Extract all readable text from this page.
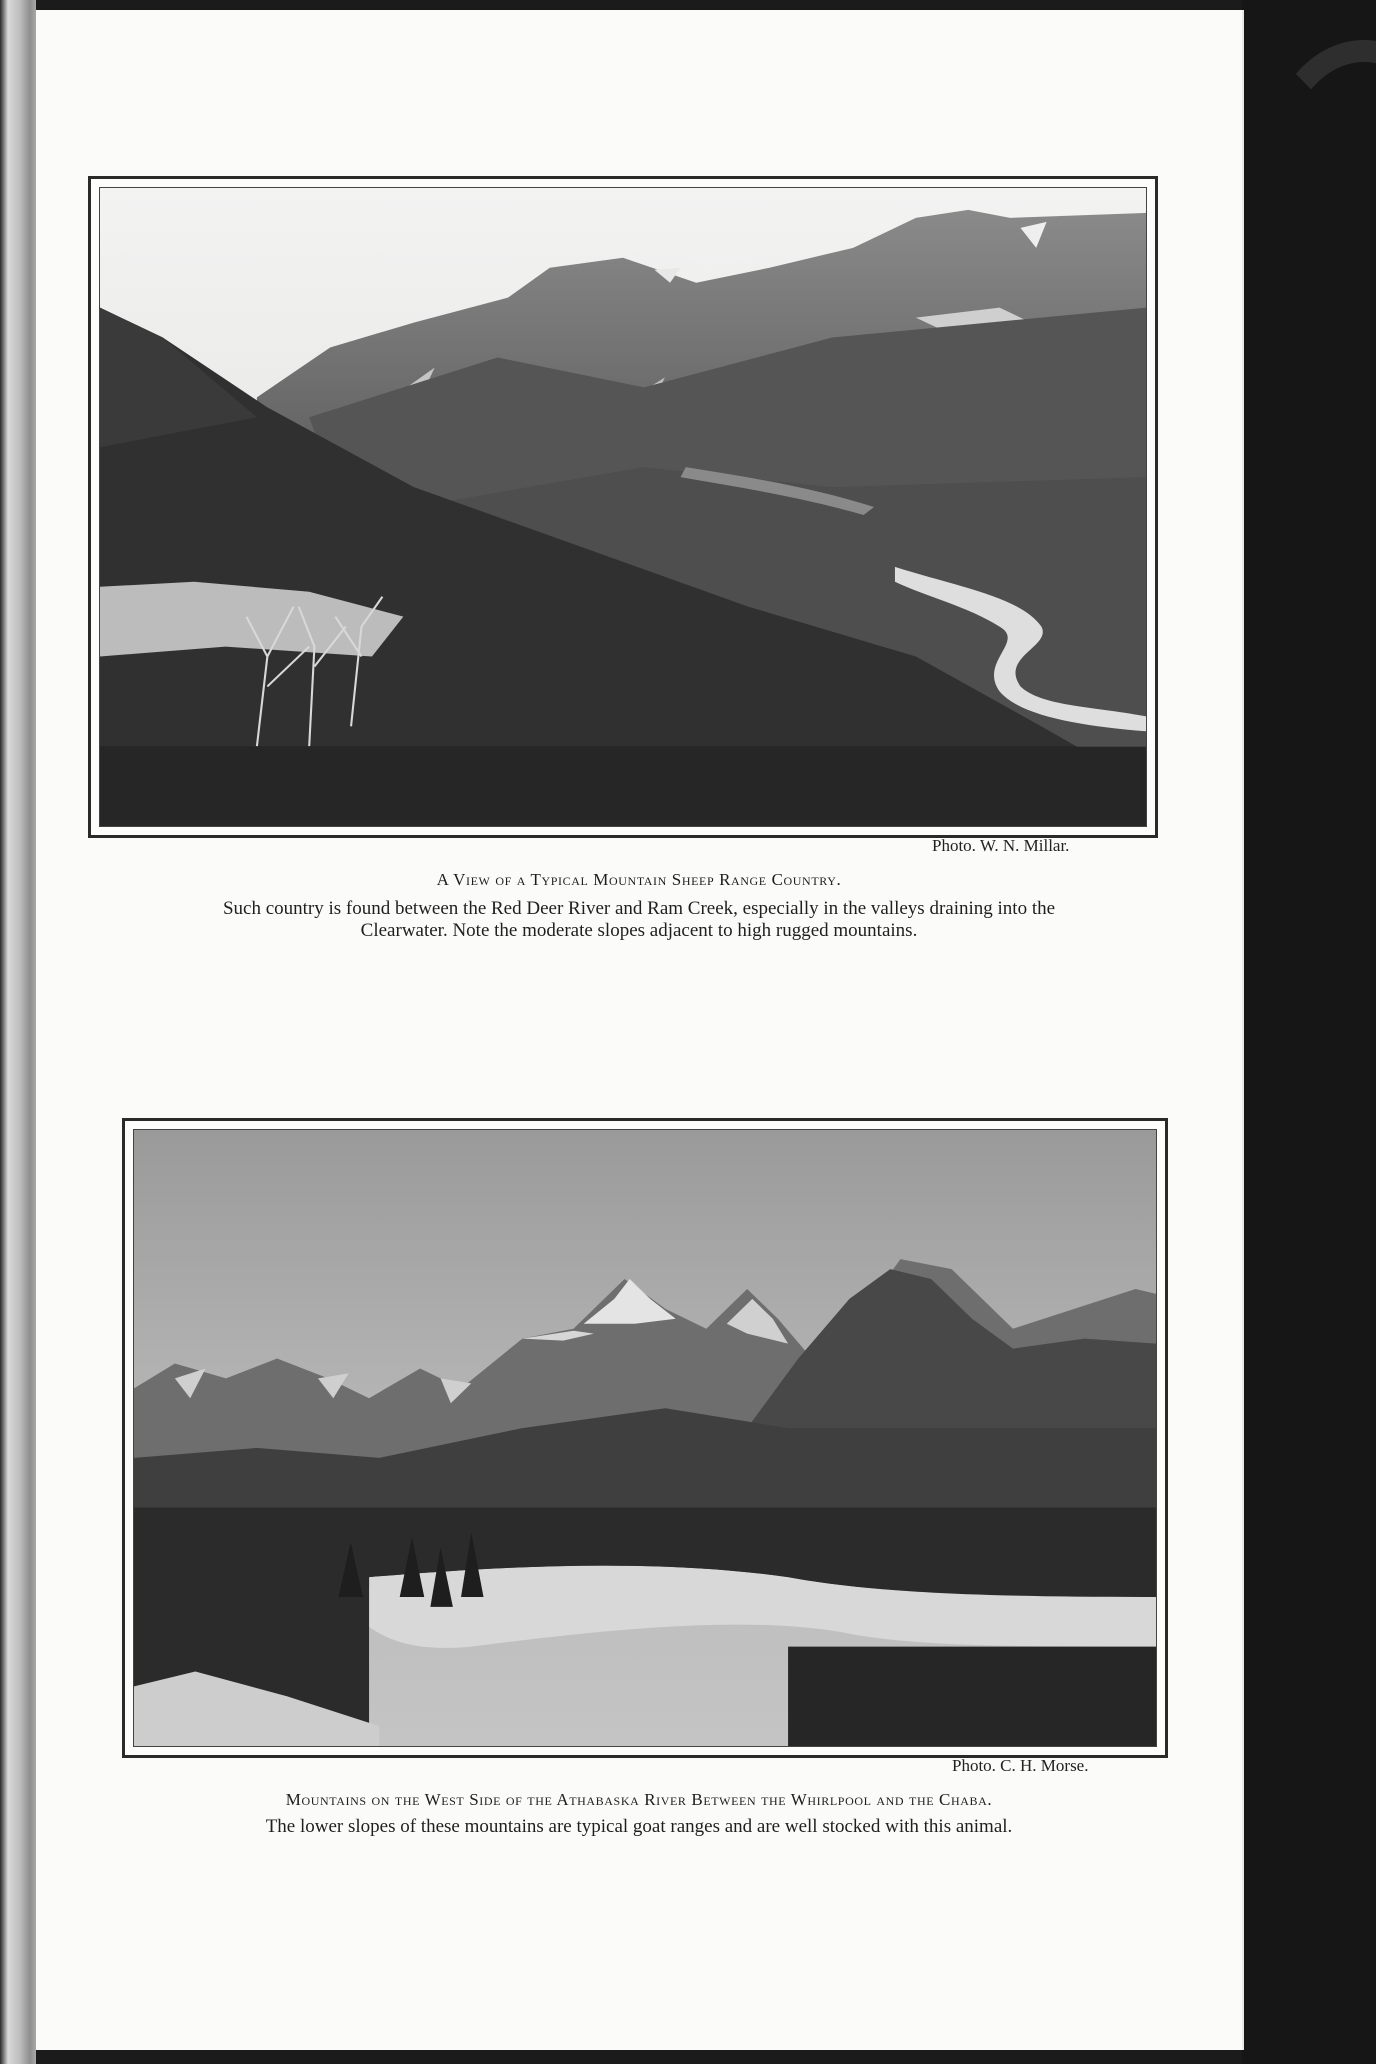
Photo. W. N. Millar.
A View of a Typical Mountain Sheep Range Country.
Such country is found between the Red Deer River and Ram Creek, especially in the valleys draining into the
Clearwater. Note the moderate slopes adjacent to high rugged mountains.
Photo. C. H. Morse.
Mountains on the West Side of the Athabaska River Between the Whirlpool and the Chaba.
The lower slopes of these mountains are typical goat ranges and are well stocked with this animal.
